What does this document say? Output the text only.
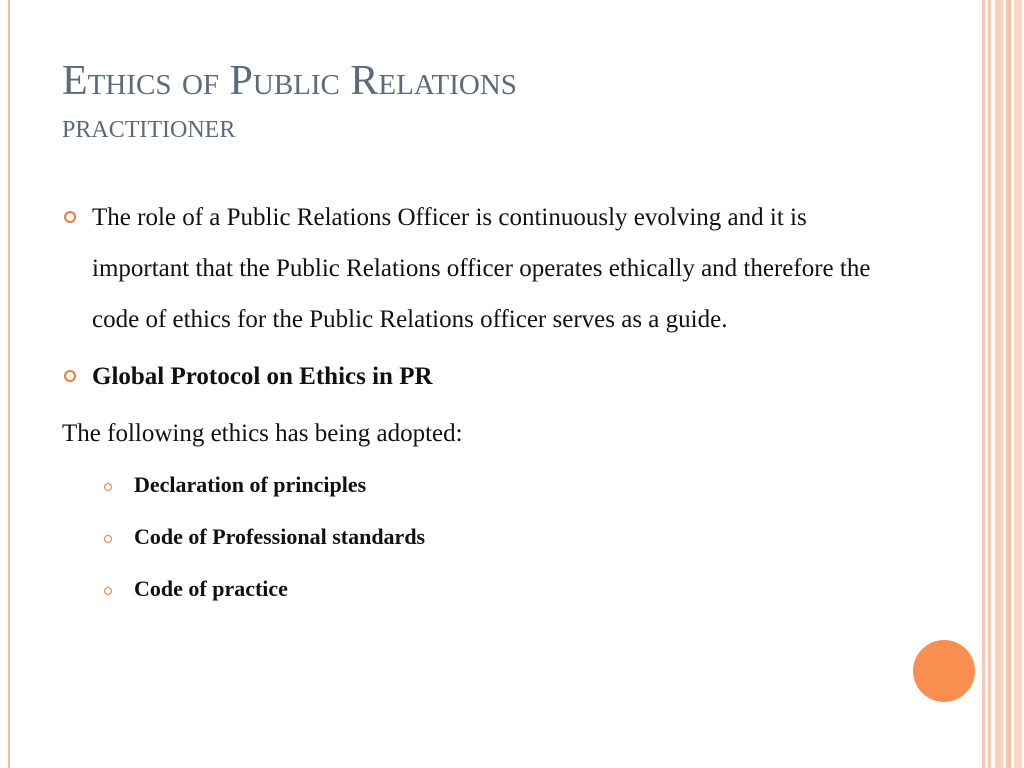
Ethics of Public Relations
practitioner

The role of a Public Relations Officer is continuously evolving and it is important that the Public Relations officer operates ethically and therefore the code of ethics for the Public Relations officer serves as a guide.

Global Protocol on Ethics in PR

The following ethics has being adopted:

Declaration of principles

Code of Professional standards

Code of practice
